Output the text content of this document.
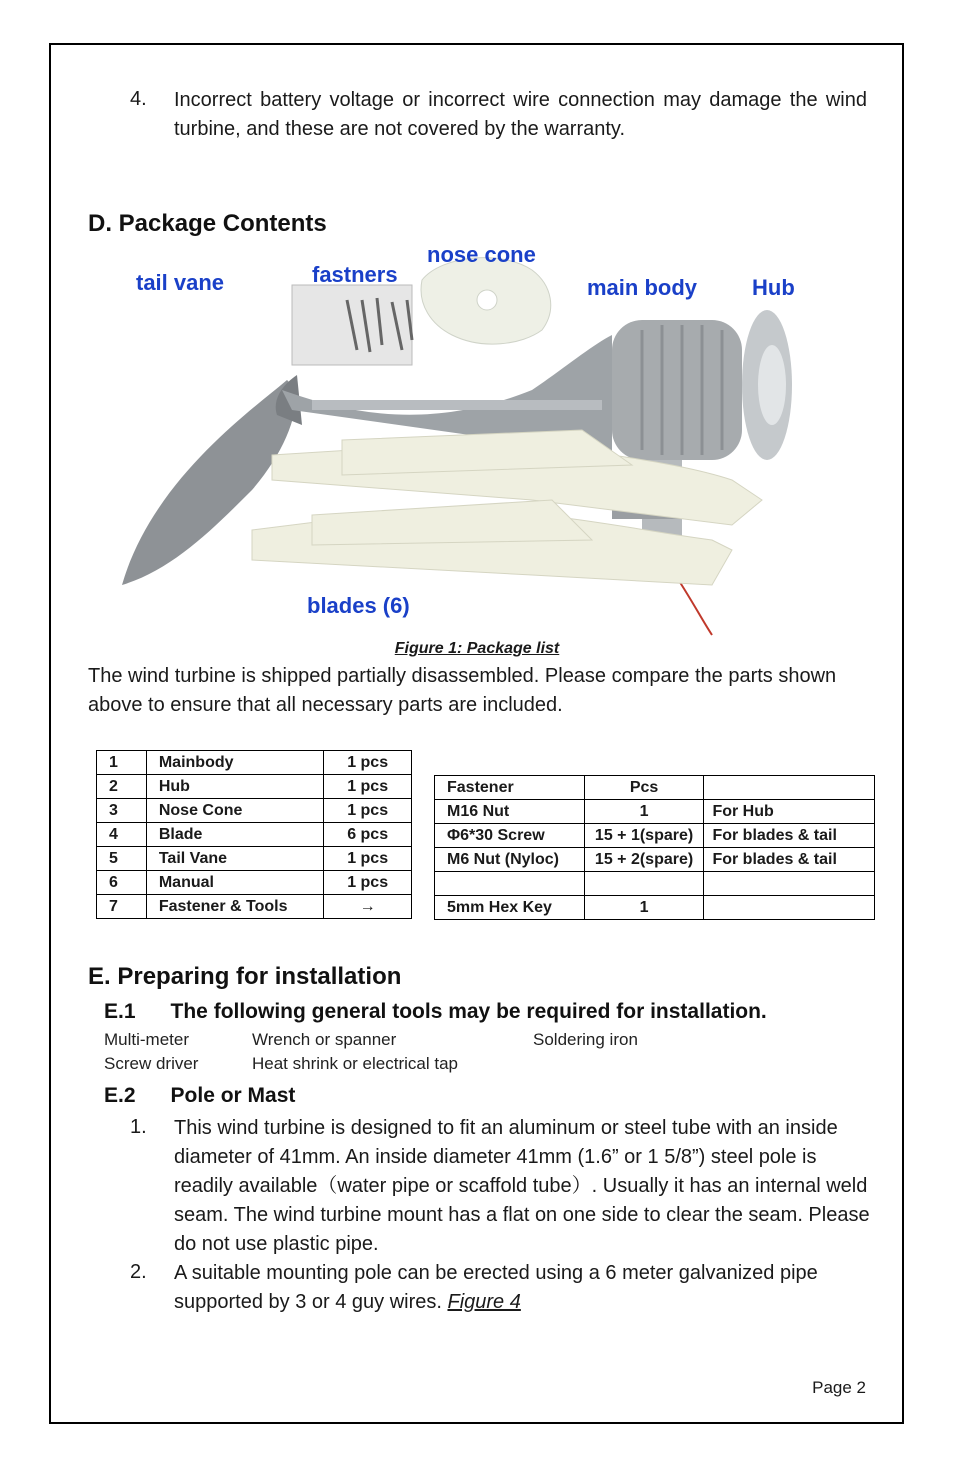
4. Incorrect battery voltage or incorrect wire connection may damage the wind turbine, and these are not covered by the warranty.
D. Package Contents
tail vane	fastners
nose cone
main body Hub
blades (6)
Figure 1: Package list
The wind turbine is shipped partially disassembled. Please compare the parts shown above to ensure that all necessary parts are included.
1	Mainbody	1 pcs
2	Hub	1 pcs
3	Nose Cone	1 pcs
4	Blade	6 pcs
5	Tail Vane	1 pcs
6	Manual	1 pcs
7	Fastener & Tools	→
Fastener	Pcs	
M16 Nut	1	For Hub
Φ6*30 Screw	15 + 1(spare)	For blades & tail
M6 Nut (Nyloc)	15 + 2(spare)	For blades & tail

5mm Hex Key	1	
E. Preparing for installation
E.1      The following general tools may be required for installation.
Multi-meter	Wrench or spanner	Soldering iron
Screw driver	Heat shrink or electrical tap
E.2      Pole or Mast
1. This wind turbine is designed to fit an aluminum or steel tube with an inside diameter of 41mm. An inside diameter 41mm (1.6” or 1 5/8”) steel pole is readily available（water pipe or scaffold tube）. Usually it has an internal weld seam. The wind turbine mount has a flat on one side to clear the seam. Please do not use plastic pipe.
2. A suitable mounting pole can be erected using a 6 meter galvanized pipe supported by 3 or 4 guy wires. Figure 4
Page 2
